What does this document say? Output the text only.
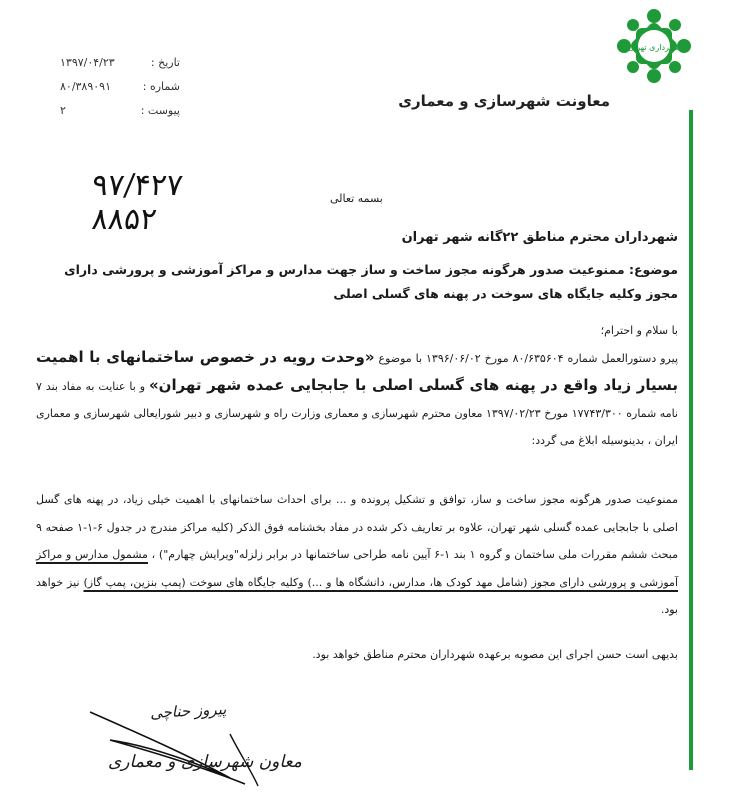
شهرداری تهران
معاونت شهرسازی و معماری
۱۳۹۷/۰۴/۲۳	تاریخ :
۸۰/۳۸۹۰۹۱	شماره :
۲	پیوست :
۹۷/۴۲۷
۸۸۵۲
بسمه تعالی
شهرداران محترم مناطق ۲۲گانه شهر تهران
موضوع: ممنوعیت صدور هرگونه مجوز ساخت و ساز جهت مدارس و مراکز آموزشی و پرورشی دارای مجوز وکلیه جایگاه های سوخت در پهنه های گسلی اصلی
با سلام و احترام؛
پیرو دستورالعمل شماره ۸۰/۶۳۵۶۰۴ مورخ ۱۳۹۶/۰۶/۰۲ با موضوع «وحدت رویه در خصوص ساختمانهای با اهمیت بسیار زیاد واقع در پهنه های گسلی اصلی با جابجایی عمده شهر تهران» و با عنایت به مفاد بند ۷ نامه شماره ۱۷۷۴۳/۳۰۰ مورخ ۱۳۹۷/۰۲/۲۳ معاون محترم شهرسازی و معماری وزارت راه و شهرسازی و دبیر شورایعالی شهرسازی و معماری ایران ، بدینوسیله ابلاغ می گردد:
ممنوعیت صدور هرگونه مجوز ساخت و ساز، توافق و تشکیل پرونده و ... برای احداث ساختمانهای با اهمیت خیلی زیاد، در پهنه های گسل اصلی با جابجایی عمده گسلی شهر تهران، علاوه بر تعاریف ذکر شده در مفاد بخشنامه فوق الذکر (کلیه مراکز مندرج در جدول ۶-۱-۱ صفحه ۹ مبحث ششم مقررات ملی ساختمان و گروه ۱ بند ۱-۶ آیین نامه طراحی ساختمانها در برابر زلزله"ویرایش چهارم") ، مشمول مدارس و مراکز آموزشی و پرورشی دارای مجوز (شامل مهد کودک ها، مدارس، دانشگاه ها و ...) وکلیه جایگاه های سوخت (پمپ بنزین، پمپ گاز) نیز خواهد بود.
بدیهی است حسن اجرای این مصوبه برعهده شهرداران محترم مناطق خواهد بود.
پیروز حناچی
معاون شهرسازی و معماری
